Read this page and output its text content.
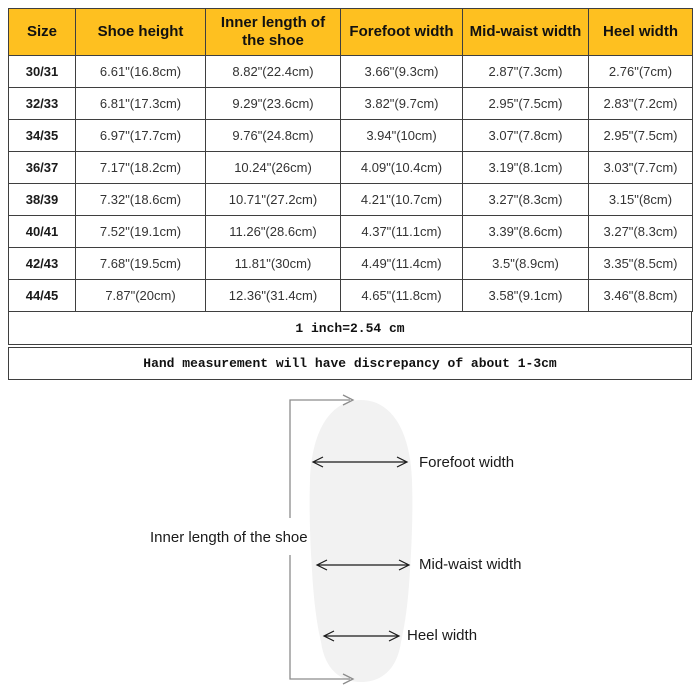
Size	Shoe height	Inner length of the shoe	Forefoot width	Mid-waist width	Heel width
30/31	6.61"(16.8cm)	8.82"(22.4cm)	3.66"(9.3cm)	2.87"(7.3cm)	2.76"(7cm)
32/33	6.81"(17.3cm)	9.29"(23.6cm)	3.82"(9.7cm)	2.95"(7.5cm)	2.83"(7.2cm)
34/35	6.97"(17.7cm)	9.76"(24.8cm)	3.94"(10cm)	3.07"(7.8cm)	2.95"(7.5cm)
36/37	7.17"(18.2cm)	10.24"(26cm)	4.09"(10.4cm)	3.19"(8.1cm)	3.03"(7.7cm)
38/39	7.32"(18.6cm)	10.71"(27.2cm)	4.21"(10.7cm)	3.27"(8.3cm)	3.15"(8cm)
40/41	7.52"(19.1cm)	11.26"(28.6cm)	4.37"(11.1cm)	3.39"(8.6cm)	3.27"(8.3cm)
42/43	7.68"(19.5cm)	11.81"(30cm)	4.49"(11.4cm)	3.5"(8.9cm)	3.35"(8.5cm)
44/45	7.87"(20cm)	12.36"(31.4cm)	4.65"(11.8cm)	3.58"(9.1cm)	3.46"(8.8cm)
1 inch=2.54 cm
Hand measurement will have discrepancy of about 1-3cm
Forefoot width
Mid-waist width
Heel width
Inner length of the shoe
